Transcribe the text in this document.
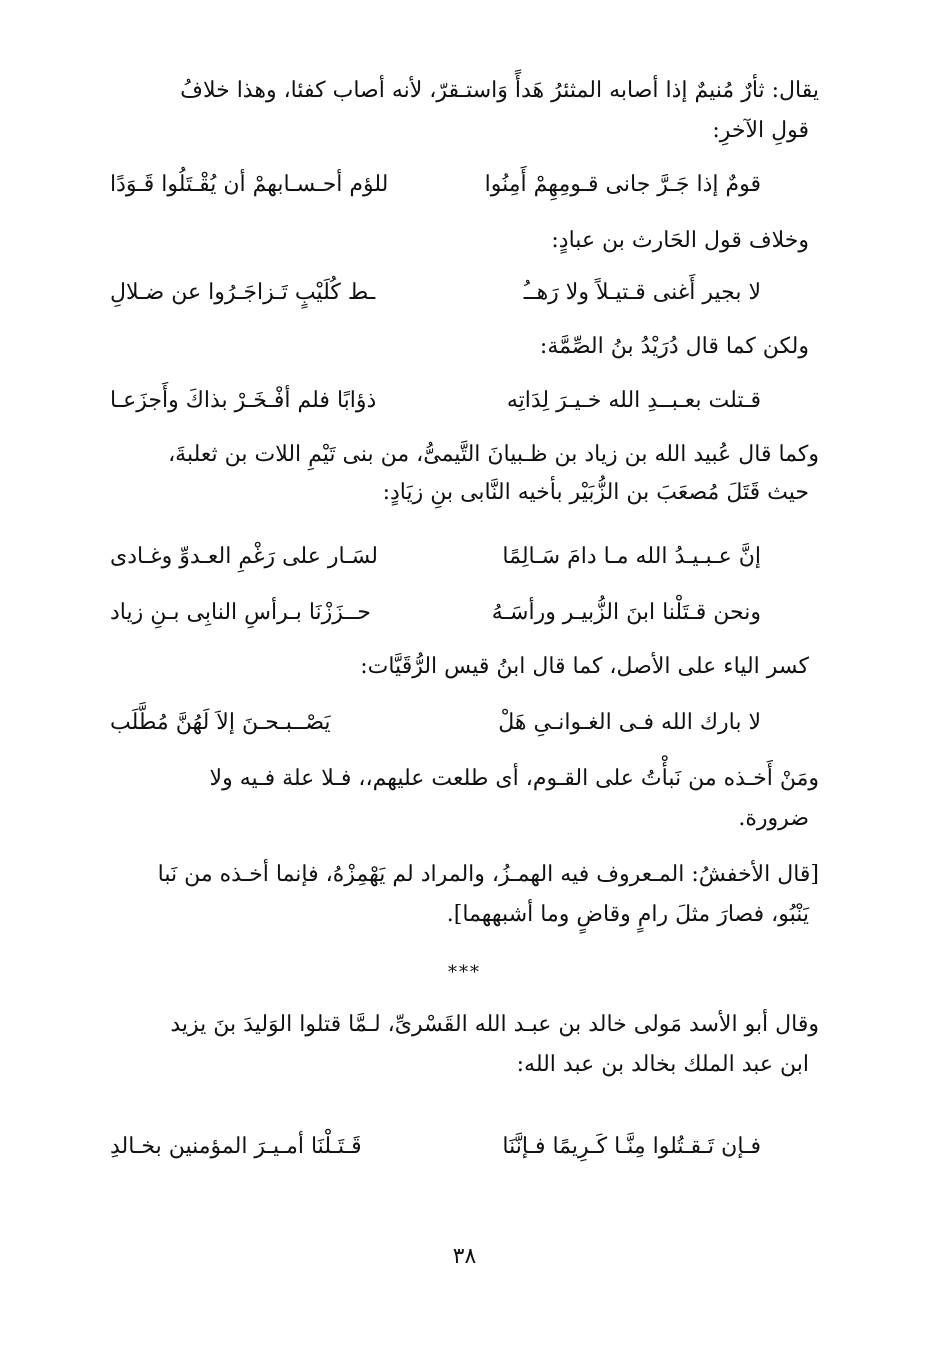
يقال: ثأرٌ مُنيمٌ إذا أصابه المثئرُ هَدأً وَاستـقرّ، لأنه أصاب كفئا، وهذا خلافُ
قولِ الآخرِ:
قومٌ إذا جَـرَّ جانى قـومِهِمْ أَمِنُوا
للؤم أحـسـابهمْ أن يُقْـتَلُوا قَـوَدًا
وخلاف قول الحَارث بن عبادٍ:
لا بجير أَغنى قـتيـلاً ولا رَهــُ
ـط كُلَيْبٍ تَـزاجَـرُوا عن ضـلالِ
ولكن كما قال دُرَيْدُ بنُ الصِّمَّة:
قـتلت بعـبــدِ الله خـيـرَ لِدَاتِه
ذؤابًا فلم أفْـخَـرْ بذاكَ وأَجزَعـا
وكما قال عُبيد الله بن زياد بن ظـبيانَ التَّيمىُّ، من بنى تَيْمِ اللات بن ثعلبةَ،
حيث قَتَلَ مُصعَبَ بن الزُّبَيْر بأخيه النَّابى بنِ زيَادٍ:
إنَّ عـبـيـدُ الله مـا دامَ سَـالِمًا
لسَـار على رَغْمِ العـدوِّ وغـادى
ونحن قـتَلْنا ابنَ الزُّبيـر ورأسَـهُ
حــزَزْنَا بـرأسِ النابِى بـنِ زياد
كسر الياء على الأصل، كما قال ابنُ قيس الرُّقَيَّات:
لا بارك الله فـى الغـوانـىِ هَلْ
يَصْــبـحـنَ إلاَ لَهُنَّ مُطَّلَب
ومَنْ أَخـذه من نَبأْتُ على القـوم، أى طلعت عليهم،، فـلا علة فـيه ولا
ضرورة.
[قال الأخفشُ: المـعروف فيه الهمـزُ، والمراد لم يَهْمِزْهُ، فإنما أخـذه من نَبا
يَنْبُو، فصارَ مثلَ رامٍ وقاضٍ وما أشبههما].
***
وقال أبو الأسد مَولى خالد بن عبـد الله القَسْرىِّ، لـمَّا قتلوا الوَليدَ بنَ يزيد
ابن عبد الملك بخالد بن عبد الله:
فـإن تَـقـتُلوا مِنَّـا كَـرِيمًا فـإنَّنَا
قَـتَـلْنَا أمـيـرَ المؤمنين بخـالدِ
٣٨
